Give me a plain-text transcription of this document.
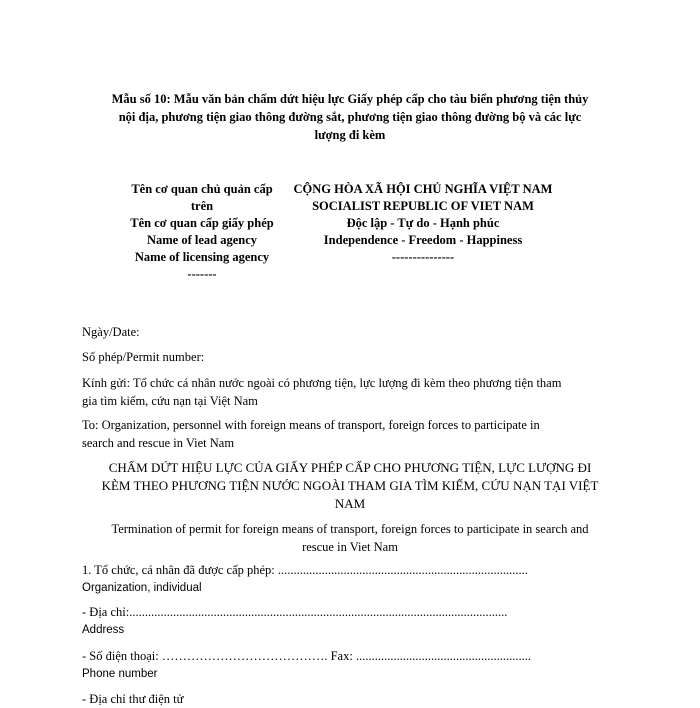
Mẫu số 10: Mẫu văn bản chấm dứt hiệu lực Giấy phép cấp cho tàu biển phương tiện thủy
nội địa, phương tiện giao thông đường sắt, phương tiện giao thông đường bộ và các lực
lượng đi kèm
Tên cơ quan chủ quản cấp
trên
Tên cơ quan cấp giấy phép
Name of lead agency
Name of licensing agency
-------
CỘNG HÒA XÃ HỘI CHỦ NGHĨA VIỆT NAM
SOCIALIST REPUBLIC OF VIET NAM
Độc lập - Tự do - Hạnh phúc
Independence - Freedom - Happiness
---------------
Ngày/Date:
Số phép/Permit number:
Kính gửi: Tổ chức cá nhân nước ngoài có phương tiện, lực lượng đi kèm theo phương tiện tham
gia tìm kiếm, cứu nạn tại Việt Nam
To: Organization, personnel with foreign means of transport, foreign forces to participate in
search and rescue in Viet Nam
CHẤM DỨT HIỆU LỰC CỦA GIẤY PHÉP CẤP CHO PHƯƠNG TIỆN, LỰC LƯỢNG ĐI
KÈM THEO PHƯƠNG TIỆN NƯỚC NGOÀI THAM GIA TÌM KIẾM, CỨU NẠN TẠI VIỆT
NAM
Termination of permit for foreign means of transport, foreign forces to participate in search and
rescue in Viet Nam
1. Tổ chức, cá nhân đã được cấp phép: ................................................................................
Organization, individual
- Địa chỉ:.........................................................................................................................
Address
- Số điện thoại: …………………………………. Fax: ........................................................
Phone number
- Địa chỉ thư điện tử
